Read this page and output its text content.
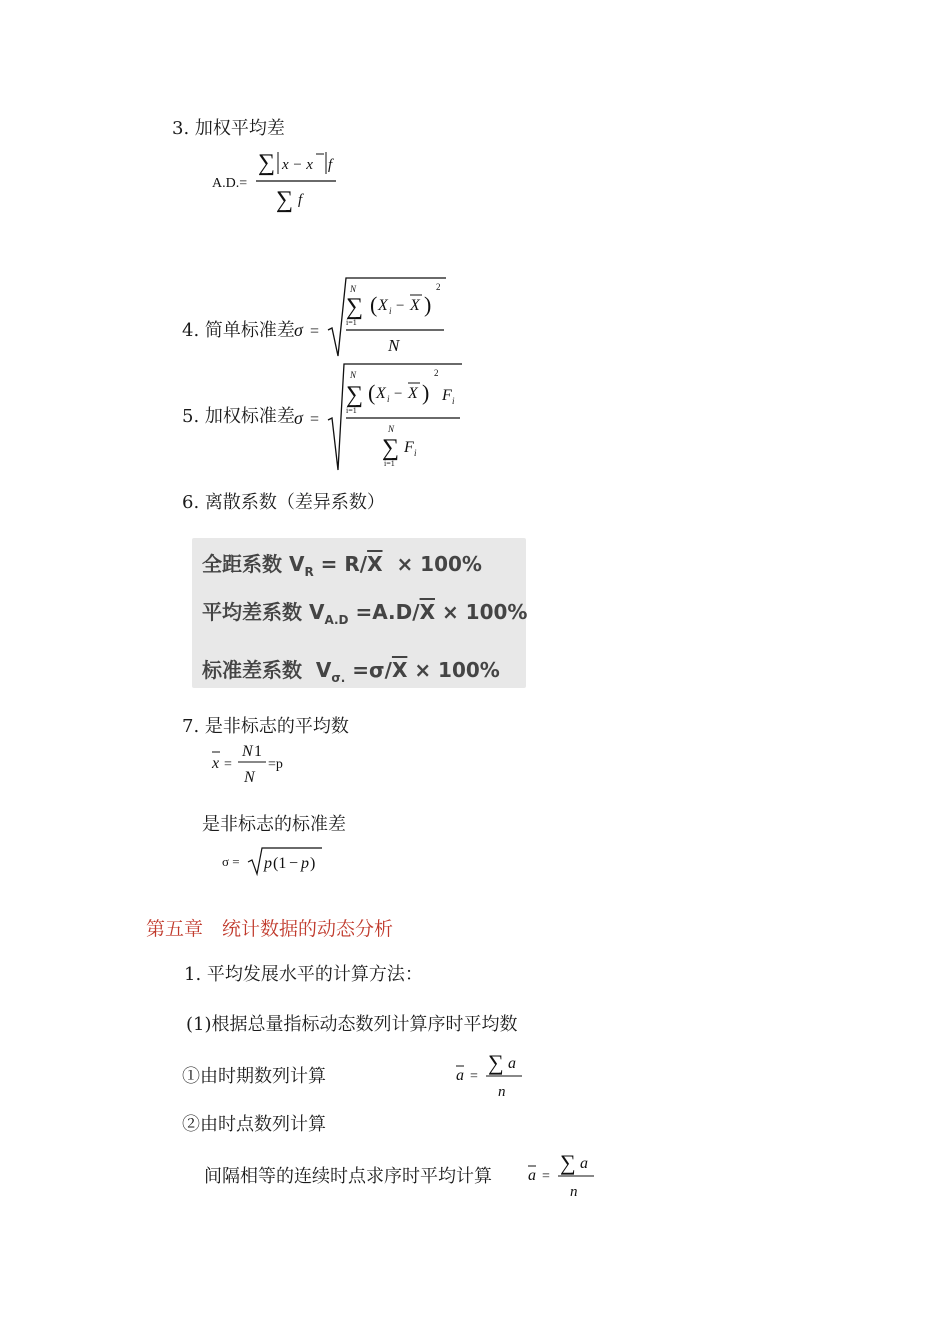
3. 加权平均差
A.D.=
∑ x − x f
∑ f
4. 简单标准差 σ =
N
∑
i=1
( X i − X )
2
N
5. 加权标准差 σ =
N
∑
i=1
( X i − X )
2
F i
N
∑
i=1
F i
6. 离散系数（差异系数）
全距系数 $V_R = R/\overline{X} \times 100\%$
平均差系数 $V_{A.D} =A.D/\overline{X} \times 100\%$
标准差系数  $V_{\sigma.} =\sigma/\overline{X} \times 100\%$
7. 是非标志的平均数
x =
N 1
N
=p
是非标志的标准差
σ = p (1 − p )
第五章　统计数据的动态分析
1. 平均发展水平的计算方法：
(1)根据总量指标动态数列计算序时平均数
①由时期数列计算	a =
∑ a
n
②由时点数列计算
间隔相等的连续时点求序时平均计算 a =
∑ a
n
